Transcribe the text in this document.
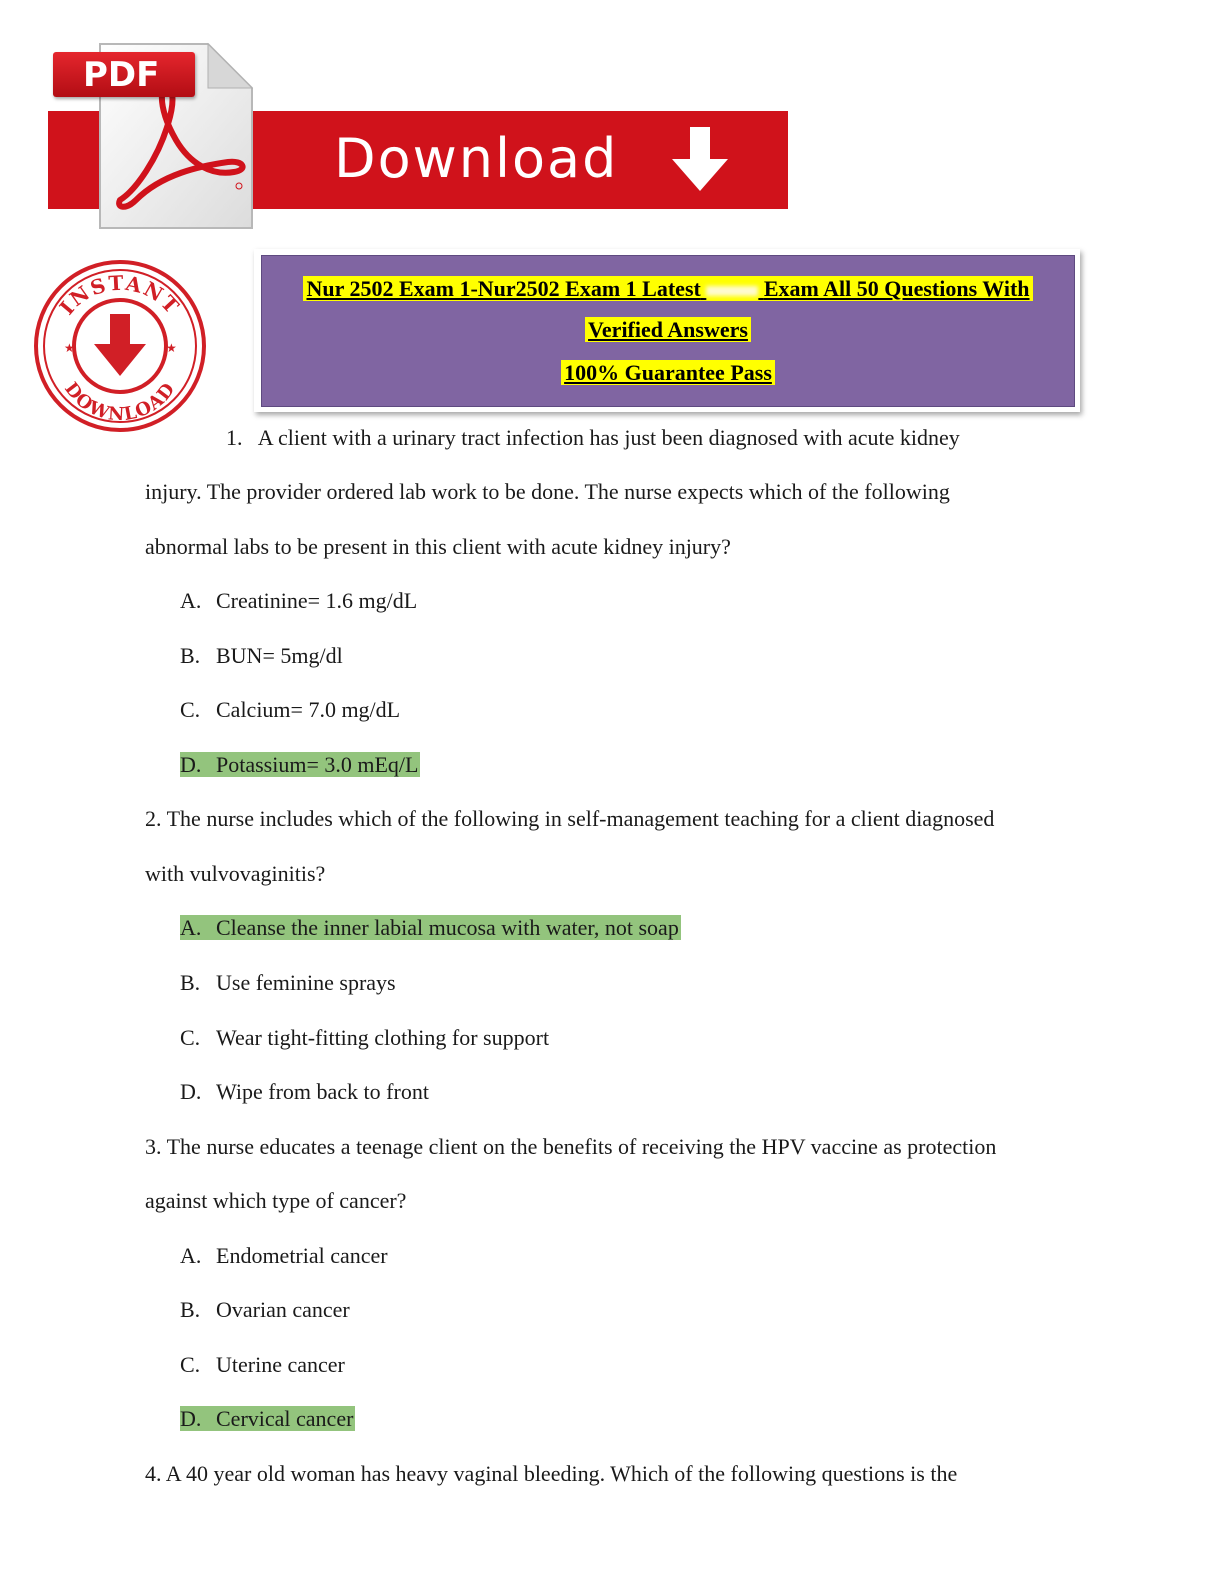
Download
PDF
INSTANT
DOWNLOAD
★	★
Nur 2502 Exam 1-Nur2502 Exam 1 Latest	Exam All 50 Questions With
Verified Answers
100% Guarantee Pass
1. A client with a urinary tract infection has just been diagnosed with acute kidney
injury. The provider ordered lab work to be done. The nurse expects which of the following
abnormal labs to be present in this client with acute kidney injury?
A. Creatinine= 1.6 mg/dL
B. BUN= 5mg/dl
C. Calcium= 7.0 mg/dL
D. Potassium= 3.0 mEq/L
2. The nurse includes which of the following in self-management teaching for a client diagnosed
with vulvovaginitis?
A. Cleanse the inner labial mucosa with water, not soap
B. Use feminine sprays
C. Wear tight-fitting clothing for support
D. Wipe from back to front
3. The nurse educates a teenage client on the benefits of receiving the HPV vaccine as protection
against which type of cancer?
A. Endometrial cancer
B. Ovarian cancer
C. Uterine cancer
D. Cervical cancer
4. A 40 year old woman has heavy vaginal bleeding. Which of the following questions is the
